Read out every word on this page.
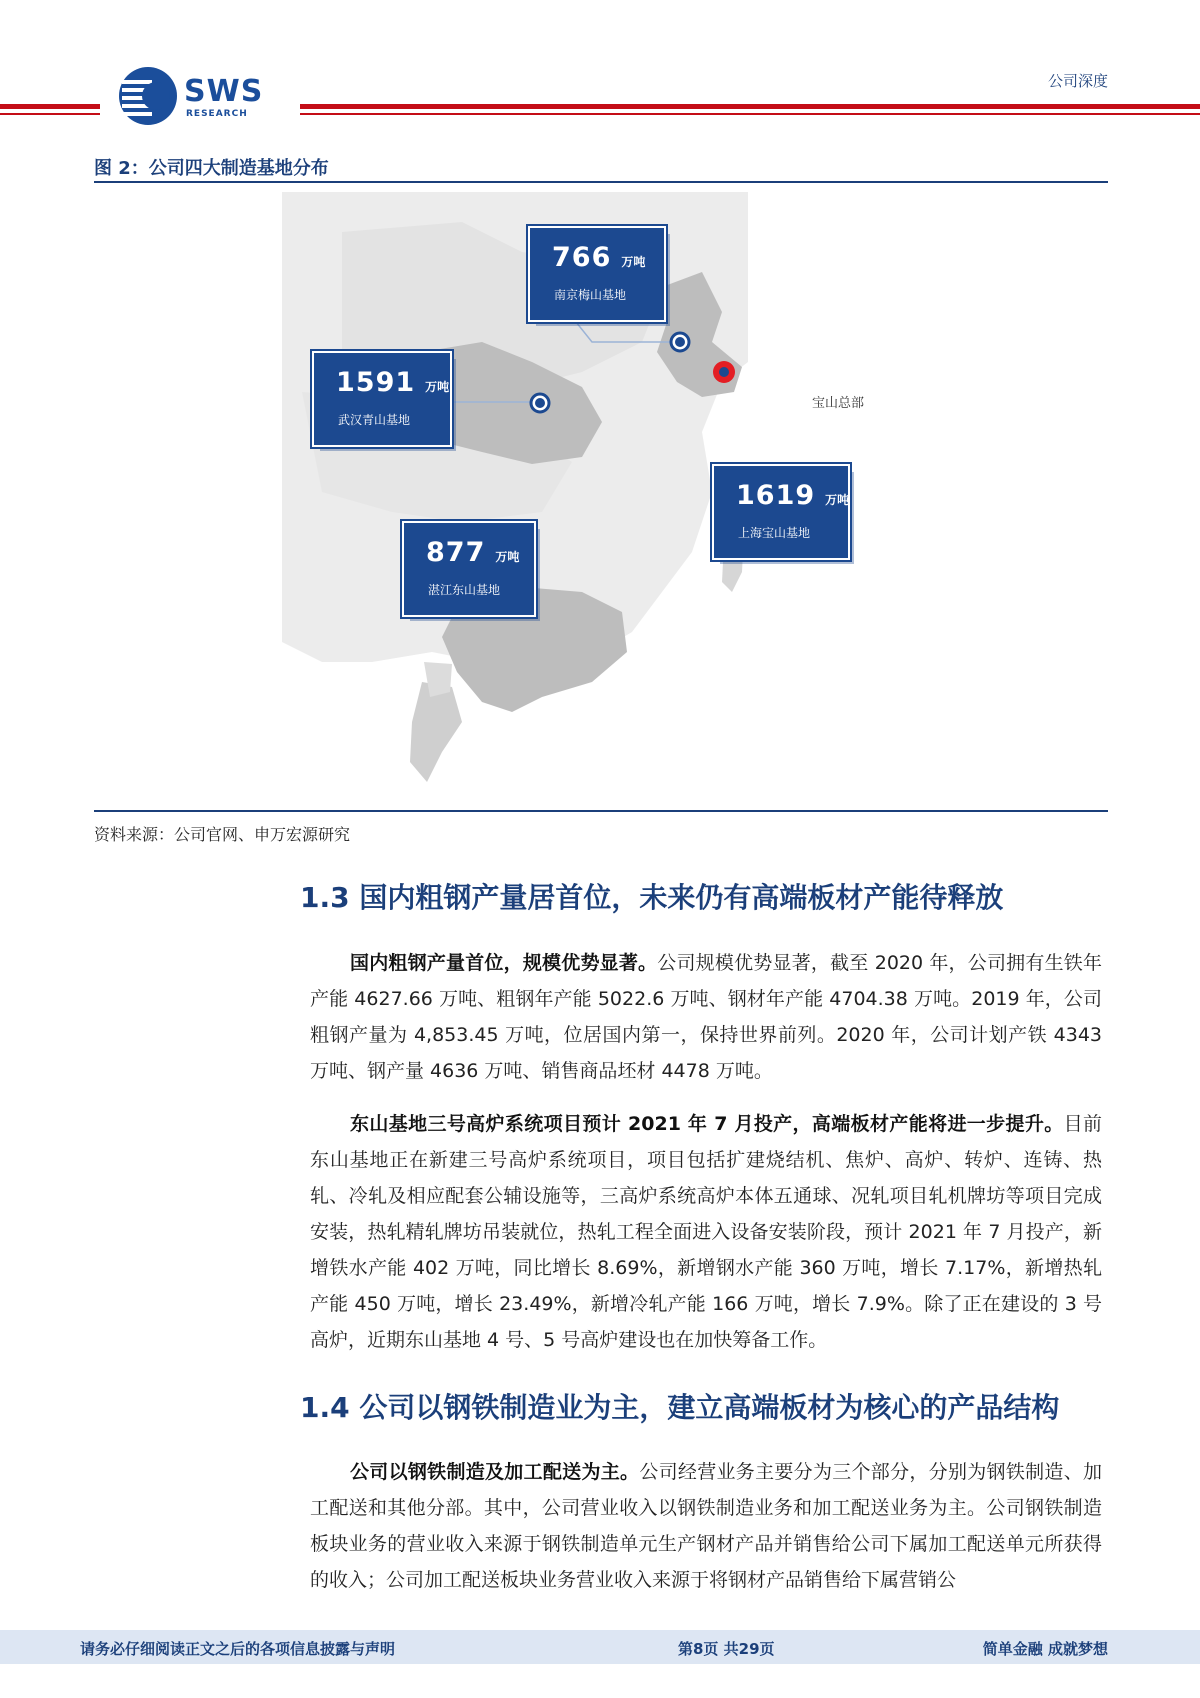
SWS
RESEARCH
公司深度
图 2：公司四大制造基地分布
766 万吨
南京梅山基地
1591 万吨
武汉青山基地
1619 万吨
上海宝山基地
877 万吨
湛江东山基地
宝山总部
资料来源：公司官网、申万宏源研究
1.3 国内粗钢产量居首位，未来仍有高端板材产能待释放
国内粗钢产量首位，规模优势显著。公司规模优势显著，截至 2020 年，公司拥有生铁年产能 4627.66 万吨、粗钢年产能 5022.6 万吨、钢材年产能 4704.38 万吨。2019 年，公司粗钢产量为 4,853.45 万吨，位居国内第一，保持世界前列。2020 年，公司计划产铁 4343 万吨、钢产量 4636 万吨、销售商品坯材 4478 万吨。
东山基地三号高炉系统项目预计 2021 年 7 月投产，高端板材产能将进一步提升。目前东山基地正在新建三号高炉系统项目，项目包括扩建烧结机、焦炉、高炉、转炉、连铸、热轧、冷轧及相应配套公辅设施等，三高炉系统高炉本体五通球、况轧项目轧机牌坊等项目完成安装，热轧精轧牌坊吊装就位，热轧工程全面进入设备安装阶段，预计 2021 年 7 月投产，新增铁水产能 402 万吨，同比增长 8.69%，新增钢水产能 360 万吨，增长 7.17%，新增热轧产能 450 万吨，增长 23.49%，新增冷轧产能 166 万吨，增长 7.9%。除了正在建设的 3 号高炉，近期东山基地 4 号、5 号高炉建设也在加快筹备工作。
1.4 公司以钢铁制造业为主，建立高端板材为核心的产品结构
公司以钢铁制造及加工配送为主。公司经营业务主要分为三个部分，分别为钢铁制造、加工配送和其他分部。其中，公司营业收入以钢铁制造业务和加工配送业务为主。公司钢铁制造板块业务的营业收入来源于钢铁制造单元生产钢材产品并销售给公司下属加工配送单元所获得的收入；公司加工配送板块业务营业收入来源于将钢材产品销售给下属营销公
请务必仔细阅读正文之后的各项信息披露与声明	第8页 共29页	简单金融 成就梦想
